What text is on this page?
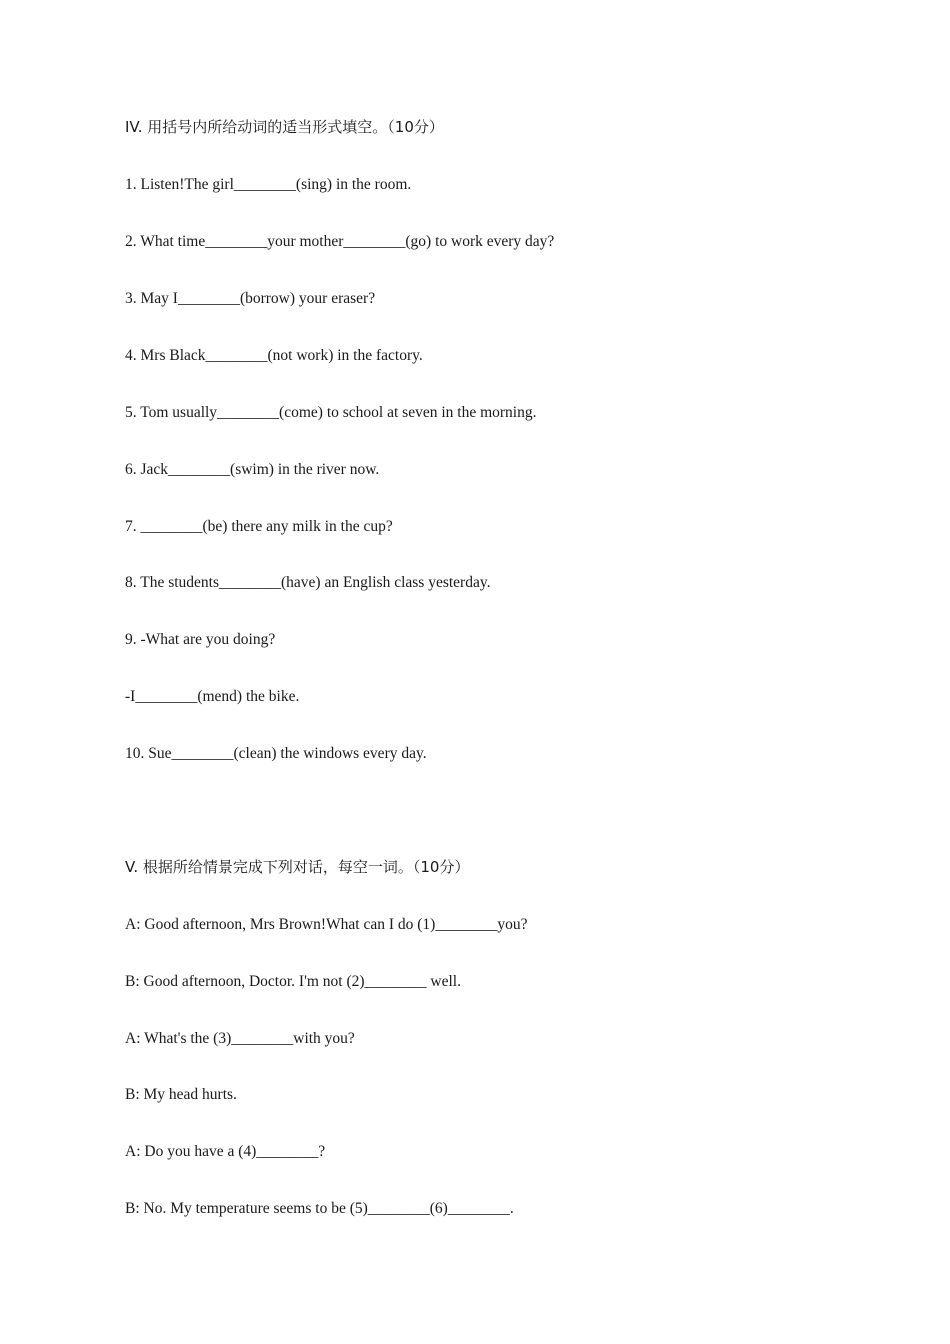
IV. 用括号内所给动词的适当形式填空。（10分）
1. Listen!The girl________(sing) in the room.
2. What time________your mother________(go) to work every day?
3. May I________(borrow) your eraser?
4. Mrs Black________(not work) in the factory.
5. Tom usually________(come) to school at seven in the morning.
6. Jack________(swim) in the river now.
7. ________(be) there any milk in the cup?
8. The students________(have) an English class yesterday.
9. -What are you doing?
-I________(mend) the bike.
10. Sue________(clean) the windows every day.
V. 根据所给情景完成下列对话，每空一词。（10分）
A: Good afternoon, Mrs Brown!What can I do (1)________you?
B: Good afternoon, Doctor. I'm not (2)________ well.
A: What's the (3)________with you?
B: My head hurts.
A: Do you have a (4)________?
B: No. My temperature seems to be (5)________(6)________.
